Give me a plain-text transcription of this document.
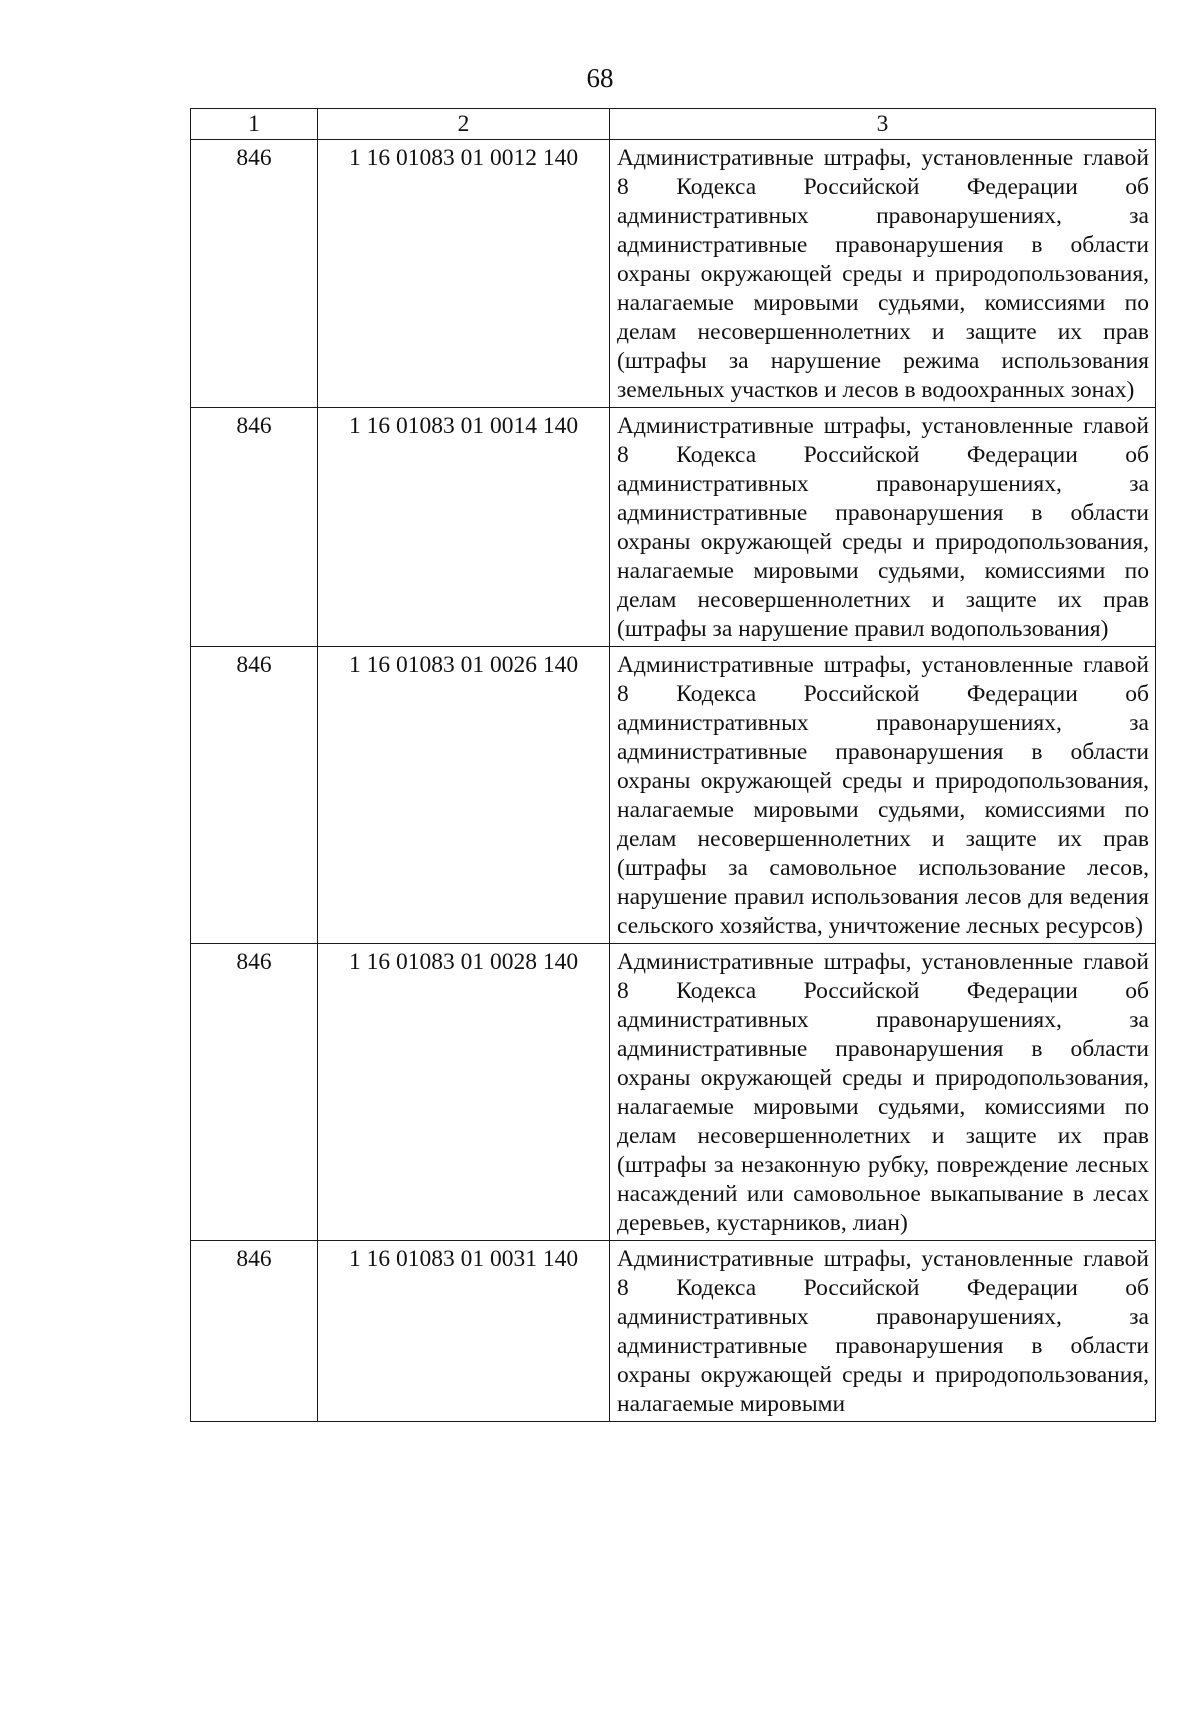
68
1	2	3
846	1 16 01083 01 0012 140	Административные штрафы, установленные главой 8 Кодекса Российской Федерации об административных правонарушениях, за административные правонарушения в области охраны окружающей среды и природопользования, налагаемые мировыми судьями, комиссиями по делам несовершеннолетних и защите их прав (штрафы за нарушение режима использования земельных участков и лесов в водоохранных зонах)
846	1 16 01083 01 0014 140	Административные штрафы, установленные главой 8 Кодекса Российской Федерации об административных правонарушениях, за административные правонарушения в области охраны окружающей среды и природопользования, налагаемые мировыми судьями, комиссиями по делам несовершеннолетних и защите их прав (штрафы за нарушение правил водопользования)
846	1 16 01083 01 0026 140	Административные штрафы, установленные главой 8 Кодекса Российской Федерации об административных правонарушениях, за административные правонарушения в области охраны окружающей среды и природопользования, налагаемые мировыми судьями, комиссиями по делам несовершеннолетних и защите их прав (штрафы за самовольное использование лесов, нарушение правил использования лесов для ведения сельского хозяйства, уничтожение лесных ресурсов)
846	1 16 01083 01 0028 140	Административные штрафы, установленные главой 8 Кодекса Российской Федерации об административных правонарушениях, за административные правонарушения в области охраны окружающей среды и природопользования, налагаемые мировыми судьями, комиссиями по делам несовершеннолетних и защите их прав (штрафы за незаконную рубку, повреждение лесных насаждений или самовольное выкапывание в лесах деревьев, кустарников, лиан)
846	1 16 01083 01 0031 140	Административные штрафы, установленные главой 8 Кодекса Российской Федерации об административных правонарушениях, за административные правонарушения в области охраны окружающей среды и природопользования, налагаемые мировыми
